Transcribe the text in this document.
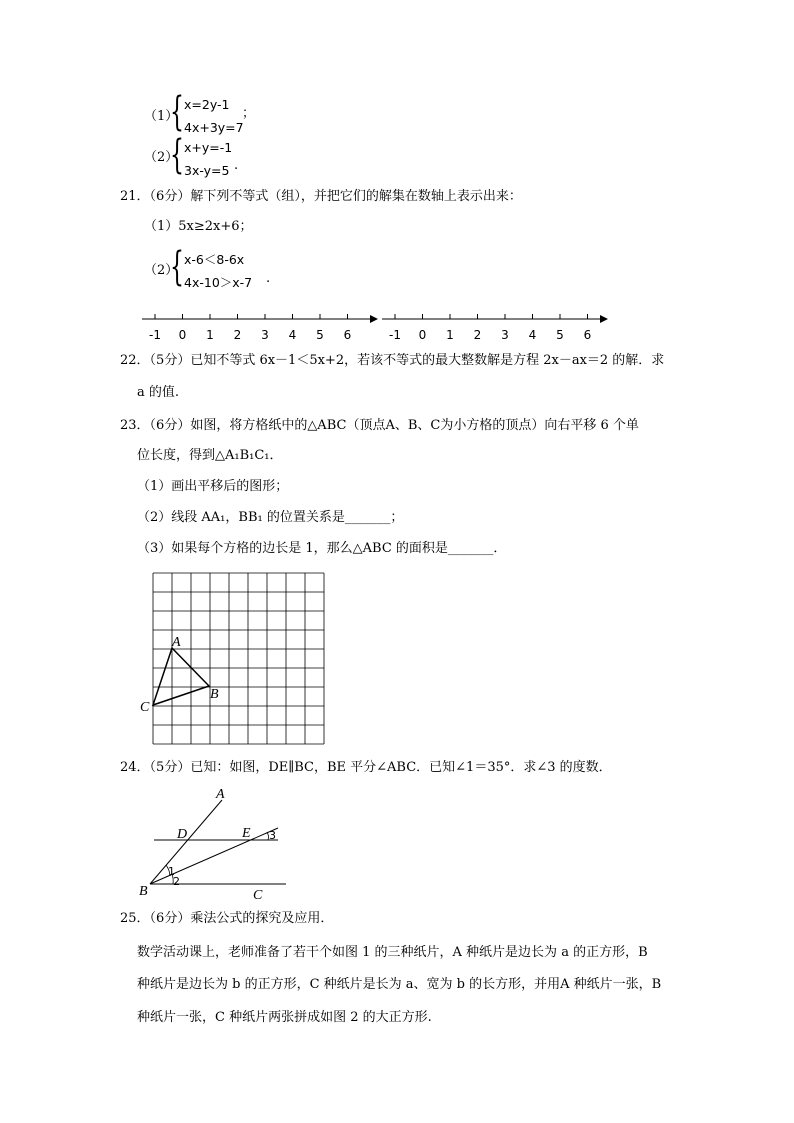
（1）
{ x=2y-1
4x+3y=7
；
（2）
{ x+y=-1
3x-y=5 .
21．（6分）解下列不等式（组），并把它们的解集在数轴上表示出来：
（1）5x≥2x+6；
（2）
{ x-6＜8-6x
4x-10＞x-7 .
-1 0 1 2 3 4 5 6	-1 0 1 2 3 4 5 6
22．（5分）已知不等式 6x－1＜5x+2，若该不等式的最大整数解是方程 2x－ax＝2 的解．求
a 的值.
23．（6分）如图，将方格纸中的△ABC（顶点A、B、C为小方格的顶点）向右平移 6 个单
位长度，得到△A₁B₁C₁．
（1）画出平移后的图形；
（2）线段 AA₁，BB₁ 的位置关系是_______；
（3）如果每个方格的边长是 1，那么△ABC 的面积是_______．
A
B
C
24．（5分）已知：如图，DE∥BC，BE 平分∠ABC．已知∠1＝35°．求∠3 的度数．
A
D	E
B	C
1
2
3
25．（6分）乘法公式的探究及应用．
数学活动课上，老师准备了若干个如图 1 的三种纸片，A 种纸片是边长为 a 的正方形，B
种纸片是边长为 b 的正方形，C 种纸片是长为 a、宽为 b 的长方形，并用A 种纸片一张，B
种纸片一张，C 种纸片两张拼成如图 2 的大正方形.
